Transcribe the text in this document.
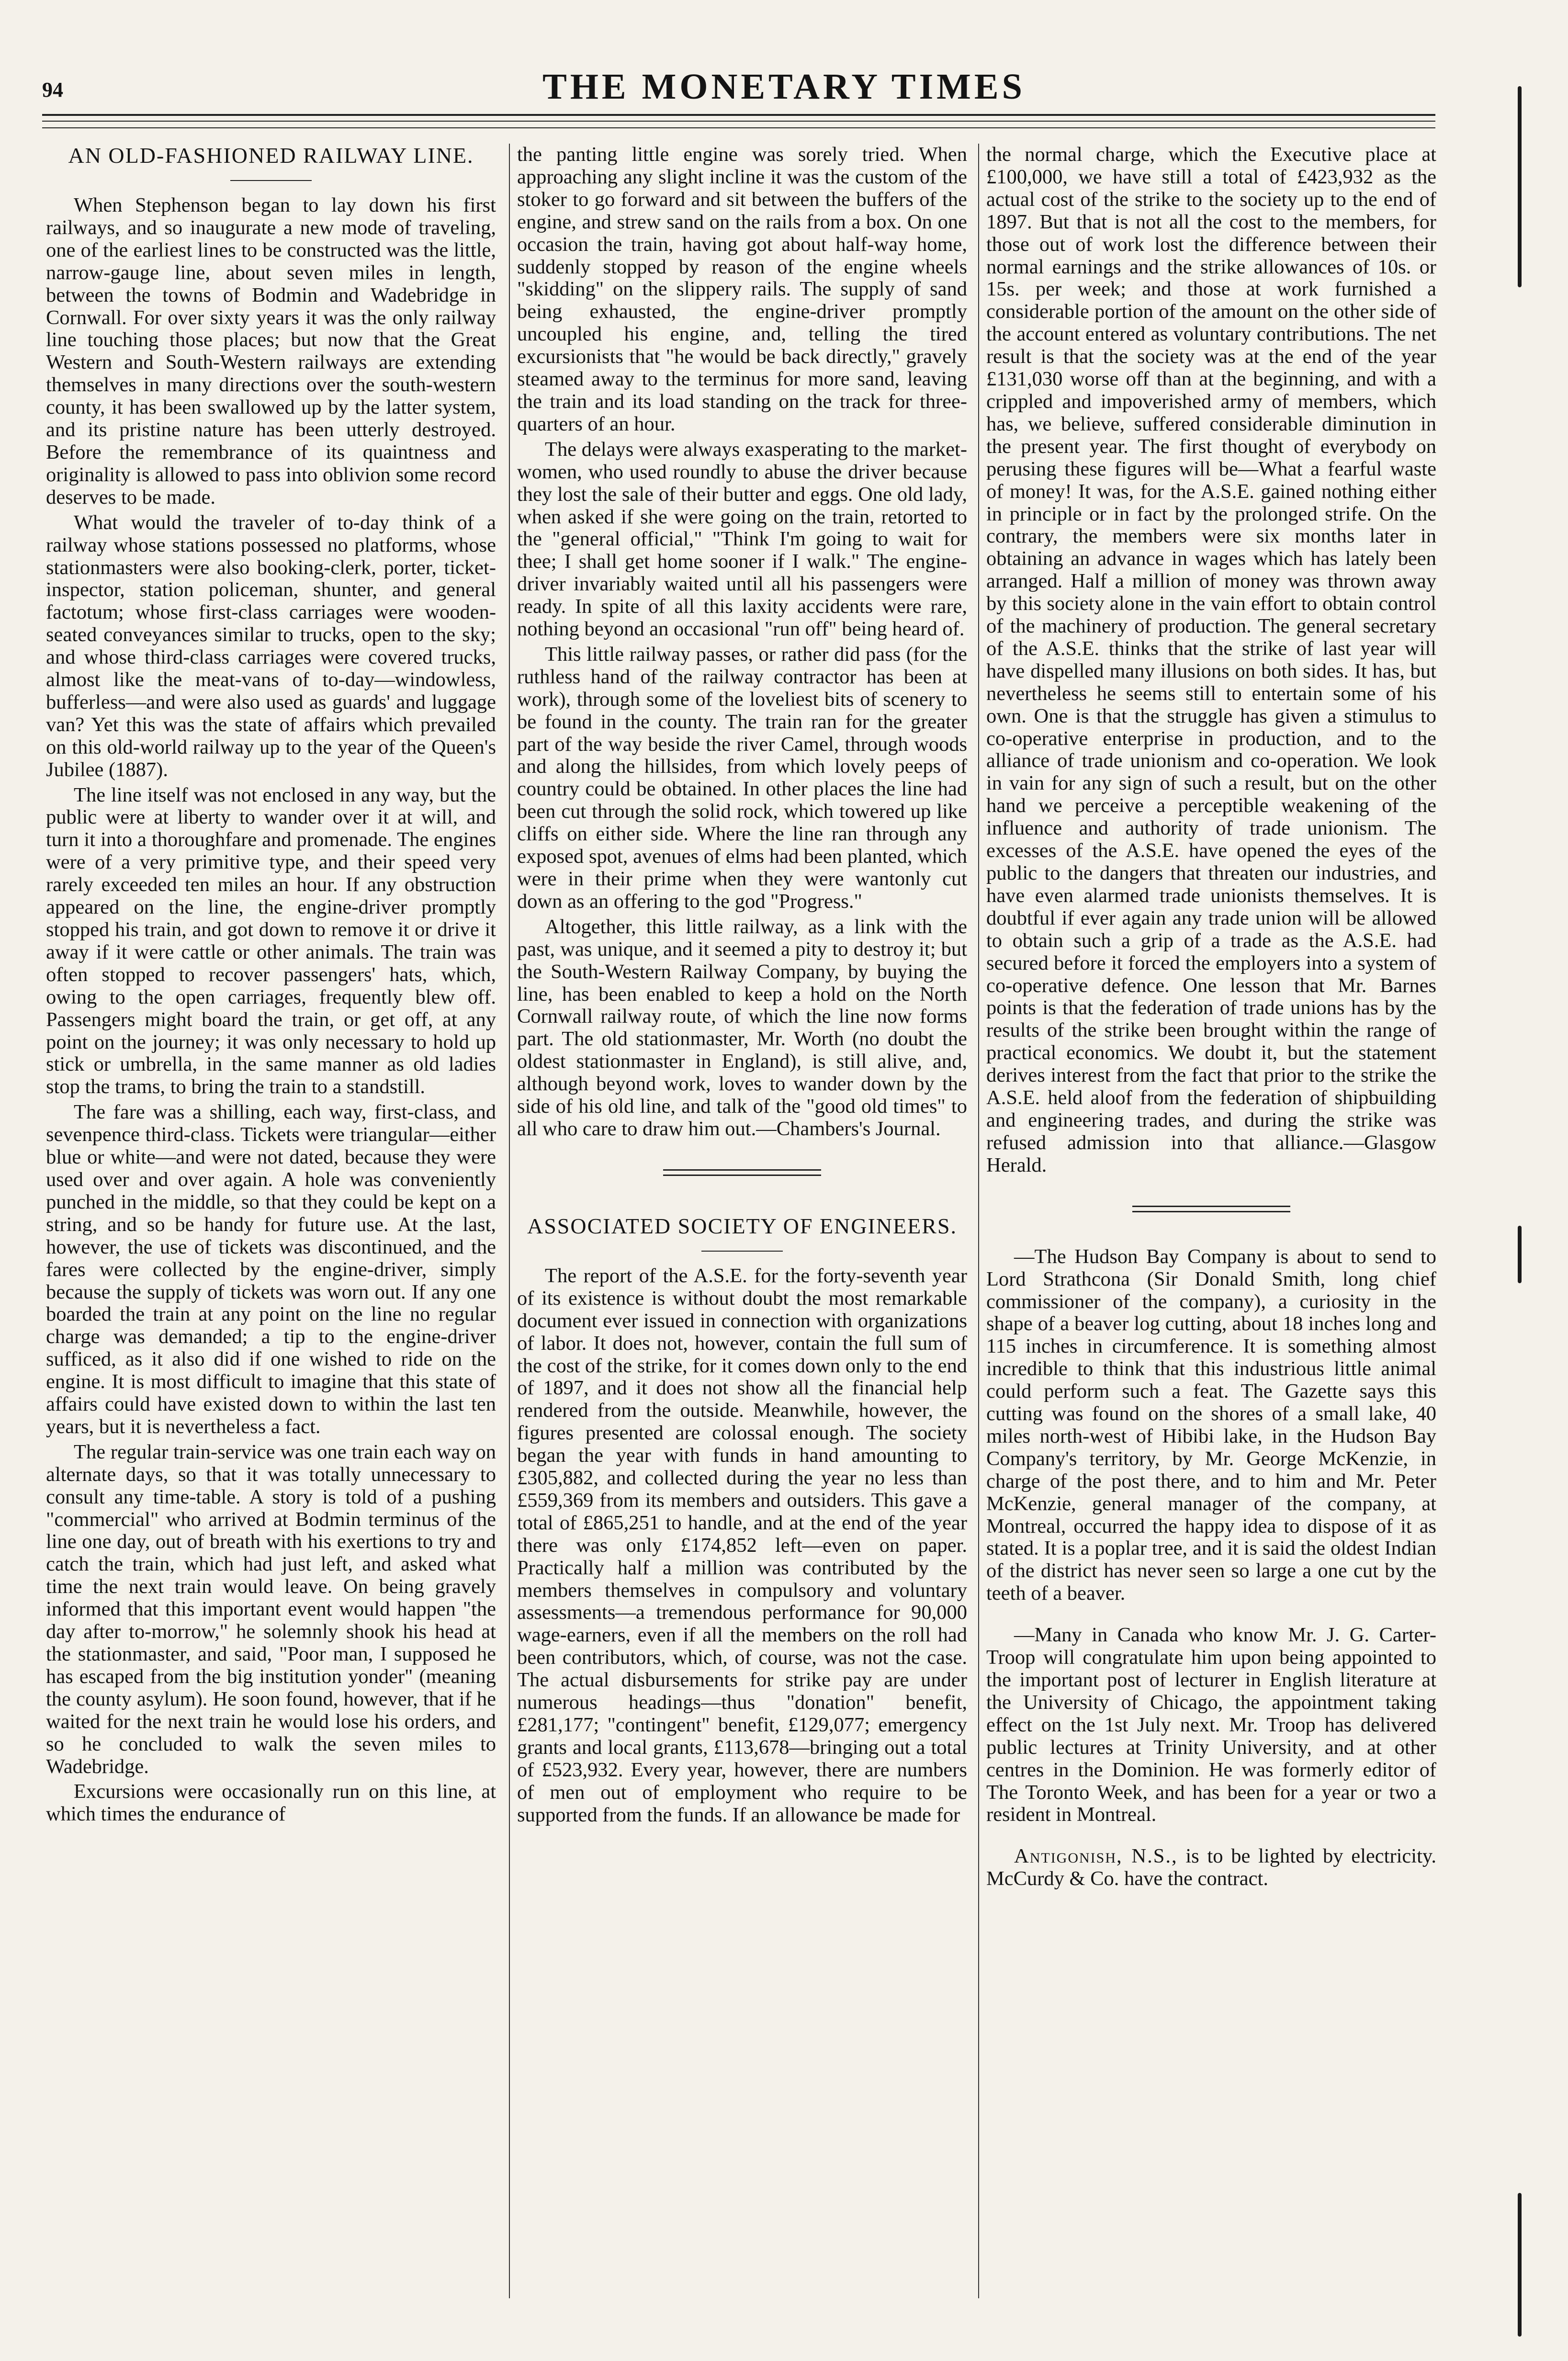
94	THE MONETARY TIMES
AN OLD-FASHIONED RAILWAY LINE.

When Stephenson began to lay down his first railways, and so inaugurate a new mode of traveling, one of the earliest lines to be constructed was the little, narrow-gauge line, about seven miles in length, between the towns of Bodmin and Wadebridge in Cornwall. For over sixty years it was the only railway line touching those places; but now that the Great Western and South-Western railways are extending themselves in many directions over the south-western county, it has been swallowed up by the latter system, and its pristine nature has been utterly destroyed. Before the remembrance of its quaintness and originality is allowed to pass into oblivion some record deserves to be made.

What would the traveler of to-day think of a railway whose stations possessed no platforms, whose stationmasters were also booking-clerk, porter, ticket-inspector, station policeman, shunter, and general factotum; whose first-class carriages were wooden-seated conveyances similar to trucks, open to the sky; and whose third-class carriages were covered trucks, almost like the meat-vans of to-day—windowless, bufferless—and were also used as guards' and luggage van? Yet this was the state of affairs which prevailed on this old-world railway up to the year of the Queen's Jubilee (1887).

The line itself was not enclosed in any way, but the public were at liberty to wander over it at will, and turn it into a thoroughfare and promenade. The engines were of a very primitive type, and their speed very rarely exceeded ten miles an hour. If any obstruction appeared on the line, the engine-driver promptly stopped his train, and got down to remove it or drive it away if it were cattle or other animals. The train was often stopped to recover passengers' hats, which, owing to the open carriages, frequently blew off. Passengers might board the train, or get off, at any point on the journey; it was only necessary to hold up stick or umbrella, in the same manner as old ladies stop the trams, to bring the train to a standstill.

The fare was a shilling, each way, first-class, and sevenpence third-class. Tickets were triangular—either blue or white—and were not dated, because they were used over and over again. A hole was conveniently punched in the middle, so that they could be kept on a string, and so be handy for future use. At the last, however, the use of tickets was discontinued, and the fares were collected by the engine-driver, simply because the supply of tickets was worn out. If any one boarded the train at any point on the line no regular charge was demanded; a tip to the engine-driver sufficed, as it also did if one wished to ride on the engine. It is most difficult to imagine that this state of affairs could have existed down to within the last ten years, but it is nevertheless a fact.

The regular train-service was one train each way on alternate days, so that it was totally unnecessary to consult any time-table. A story is told of a pushing "commercial" who arrived at Bodmin terminus of the line one day, out of breath with his exertions to try and catch the train, which had just left, and asked what time the next train would leave. On being gravely informed that this important event would happen "the day after to-morrow," he solemnly shook his head at the stationmaster, and said, "Poor man, I supposed he has escaped from the big institution yonder" (meaning the county asylum). He soon found, however, that if he waited for the next train he would lose his orders, and so he concluded to walk the seven miles to Wadebridge.

Excursions were occasionally run on this line, at which times the endurance of

the panting little engine was sorely tried. When approaching any slight incline it was the custom of the stoker to go forward and sit between the buffers of the engine, and strew sand on the rails from a box. On one occasion the train, having got about half-way home, suddenly stopped by reason of the engine wheels "skidding" on the slippery rails. The supply of sand being exhausted, the engine-driver promptly uncoupled his engine, and, telling the tired excursionists that "he would be back directly," gravely steamed away to the terminus for more sand, leaving the train and its load standing on the track for three-quarters of an hour.

The delays were always exasperating to the market-women, who used roundly to abuse the driver because they lost the sale of their butter and eggs. One old lady, when asked if she were going on the train, retorted to the "general official," "Think I'm going to wait for thee; I shall get home sooner if I walk." The engine-driver invariably waited until all his passengers were ready. In spite of all this laxity accidents were rare, nothing beyond an occasional "run off" being heard of.

This little railway passes, or rather did pass (for the ruthless hand of the railway contractor has been at work), through some of the loveliest bits of scenery to be found in the county. The train ran for the greater part of the way beside the river Camel, through woods and along the hillsides, from which lovely peeps of country could be obtained. In other places the line had been cut through the solid rock, which towered up like cliffs on either side. Where the line ran through any exposed spot, avenues of elms had been planted, which were in their prime when they were wantonly cut down as an offering to the god "Progress."

Altogether, this little railway, as a link with the past, was unique, and it seemed a pity to destroy it; but the South-Western Railway Company, by buying the line, has been enabled to keep a hold on the North Cornwall railway route, of which the line now forms part. The old stationmaster, Mr. Worth (no doubt the oldest stationmaster in England), is still alive, and, although beyond work, loves to wander down by the side of his old line, and talk of the "good old times" to all who care to draw him out.—Chambers's Journal.

ASSOCIATED SOCIETY OF ENGINEERS.

The report of the A.S.E. for the forty-seventh year of its existence is without doubt the most remarkable document ever issued in connection with organizations of labor. It does not, however, contain the full sum of the cost of the strike, for it comes down only to the end of 1897, and it does not show all the financial help rendered from the outside. Meanwhile, however, the figures presented are colossal enough. The society began the year with funds in hand amounting to £305,882, and collected during the year no less than £559,369 from its members and outsiders. This gave a total of £865,251 to handle, and at the end of the year there was only £174,852 left—even on paper. Practically half a million was contributed by the members themselves in compulsory and voluntary assessments—a tremendous performance for 90,000 wage-earners, even if all the members on the roll had been contributors, which, of course, was not the case. The actual disbursements for strike pay are under numerous headings—thus "donation" benefit, £281,177; "contingent" benefit, £129,077; emergency grants and local grants, £113,678—bringing out a total of £523,932. Every year, however, there are numbers of men out of employment who require to be supported from the funds. If an allowance be made for

the normal charge, which the Executive place at £100,000, we have still a total of £423,932 as the actual cost of the strike to the society up to the end of 1897. But that is not all the cost to the members, for those out of work lost the difference between their normal earnings and the strike allowances of 10s. or 15s. per week; and those at work furnished a considerable portion of the amount on the other side of the account entered as voluntary contributions. The net result is that the society was at the end of the year £131,030 worse off than at the beginning, and with a crippled and impoverished army of members, which has, we believe, suffered considerable diminution in the present year. The first thought of everybody on perusing these figures will be—What a fearful waste of money! It was, for the A.S.E. gained nothing either in principle or in fact by the prolonged strife. On the contrary, the members were six months later in obtaining an advance in wages which has lately been arranged. Half a million of money was thrown away by this society alone in the vain effort to obtain control of the machinery of production. The general secretary of the A.S.E. thinks that the strike of last year will have dispelled many illusions on both sides. It has, but nevertheless he seems still to entertain some of his own. One is that the struggle has given a stimulus to co-operative enterprise in production, and to the alliance of trade unionism and co-operation. We look in vain for any sign of such a result, but on the other hand we perceive a perceptible weakening of the influence and authority of trade unionism. The excesses of the A.S.E. have opened the eyes of the public to the dangers that threaten our industries, and have even alarmed trade unionists themselves. It is doubtful if ever again any trade union will be allowed to obtain such a grip of a trade as the A.S.E. had secured before it forced the employers into a system of co-operative defence. One lesson that Mr. Barnes points is that the federation of trade unions has by the results of the strike been brought within the range of practical economics. We doubt it, but the statement derives interest from the fact that prior to the strike the A.S.E. held aloof from the federation of shipbuilding and engineering trades, and during the strike was refused admission into that alliance.—Glasgow Herald.

—The Hudson Bay Company is about to send to Lord Strathcona (Sir Donald Smith, long chief commissioner of the company), a curiosity in the shape of a beaver log cutting, about 18 inches long and 115 inches in circumference. It is something almost incredible to think that this industrious little animal could perform such a feat. The Gazette says this cutting was found on the shores of a small lake, 40 miles north-west of Hibibi lake, in the Hudson Bay Company's territory, by Mr. George McKenzie, in charge of the post there, and to him and Mr. Peter McKenzie, general manager of the company, at Montreal, occurred the happy idea to dispose of it as stated. It is a poplar tree, and it is said the oldest Indian of the district has never seen so large a one cut by the teeth of a beaver.

—Many in Canada who know Mr. J. G. Carter-Troop will congratulate him upon being appointed to the important post of lecturer in English literature at the University of Chicago, the appointment taking effect on the 1st July next. Mr. Troop has delivered public lectures at Trinity University, and at other centres in the Dominion. He was formerly editor of The Toronto Week, and has been for a year or two a resident in Montreal.

Antigonish, N.S., is to be lighted by electricity. McCurdy & Co. have the contract.
